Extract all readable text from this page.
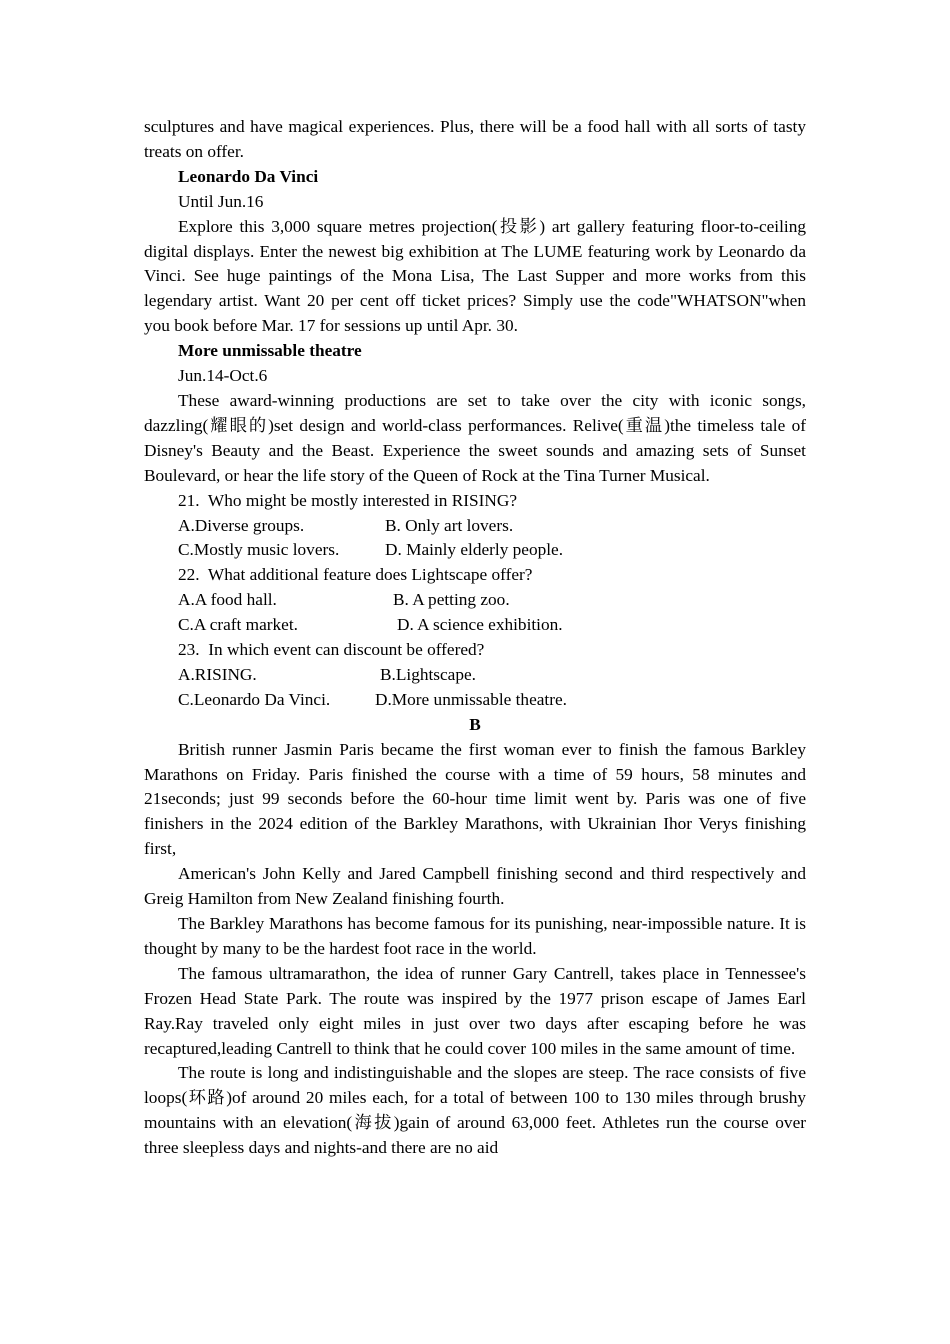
sculptures and have magical experiences. Plus, there will be a food hall with all sorts of tasty treats on offer.

Leonardo Da Vinci

Until Jun.16

Explore this 3,000 square metres projection(投影) art gallery featuring floor-to-ceiling digital displays. Enter the newest big exhibition at The LUME featuring work by Leonardo da Vinci. See huge paintings of the Mona Lisa, The Last Supper and more works from this legendary artist. Want 20 per cent off ticket prices? Simply use the code"WHATSON"when you book before Mar. 17 for sessions up until Apr. 30.

More unmissable theatre

Jun.14-Oct.6

These award-winning productions are set to take over the city with iconic songs, dazzling(耀眼的)set design and world-class performances. Relive(重温)the timeless tale of Disney's Beauty and the Beast. Experience the sweet sounds and amazing sets of Sunset Boulevard, or hear the life story of the Queen of Rock at the Tina Turner Musical.

21.  Who might be mostly interested in RISING?

A.Diverse groups.	B. Only art lovers.
C.Mostly music lovers.	D. Mainly elderly people.

22.  What additional feature does Lightscape offer?

A.A food hall.	B. A petting zoo.
C.A craft market.	D. A science exhibition.

23.  In which event can discount be offered?

A.RISING.	B.Lightscape.
C.Leonardo Da Vinci.	D.More unmissable theatre.

B

British runner Jasmin Paris became the first woman ever to finish the famous Barkley Marathons on Friday. Paris finished the course with a time of 59 hours, 58 minutes and 21seconds; just 99 seconds before the 60-hour time limit went by. Paris was one of five finishers in the 2024 edition of the Barkley Marathons, with Ukrainian Ihor Verys finishing first,

American's John Kelly and Jared Campbell finishing second and third respectively and Greig Hamilton from New Zealand finishing fourth.

The Barkley Marathons has become famous for its punishing, near-impossible nature. It is thought by many to be the hardest foot race in the world.

The famous ultramarathon, the idea of runner Gary Cantrell, takes place in Tennessee's Frozen Head State Park. The route was inspired by the 1977 prison escape of James Earl Ray.Ray traveled only eight miles in just over two days after escaping before he was recaptured,leading Cantrell to think that he could cover 100 miles in the same amount of time.

The route is long and indistinguishable and the slopes are steep. The race consists of five loops(环路)of around 20 miles each, for a total of between 100 to 130 miles through brushy mountains with an elevation(海拔)gain of around 63,000 feet. Athletes run the course over three sleepless days and nights-and there are no aid
